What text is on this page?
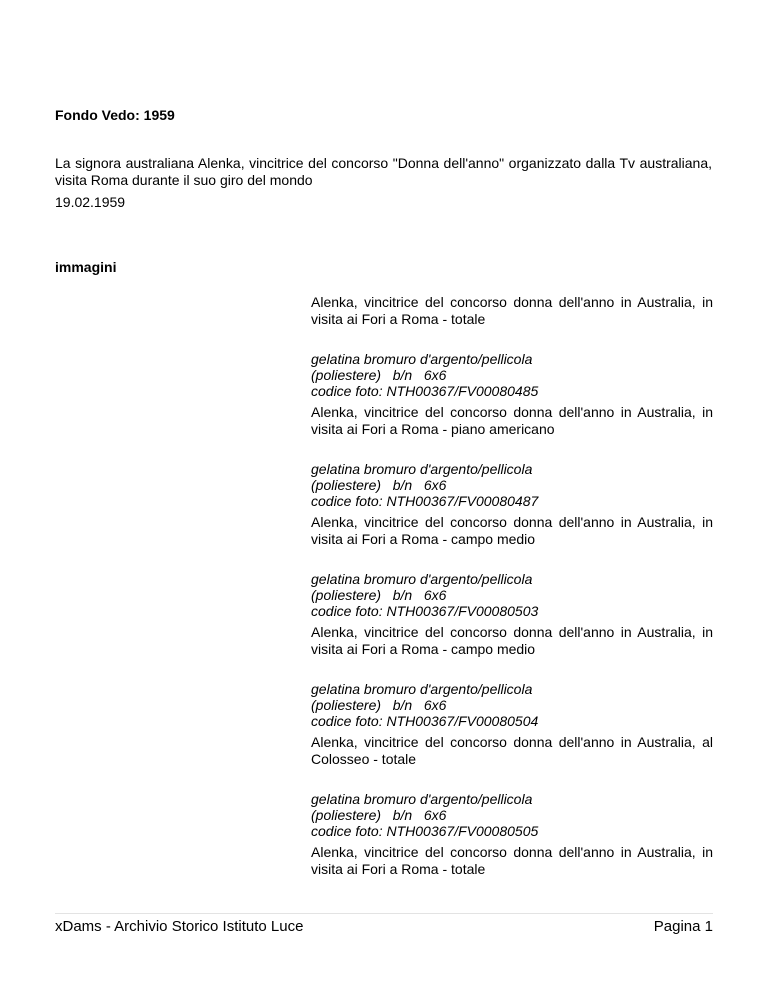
Fondo Vedo: 1959

La signora australiana Alenka, vincitrice del concorso "Donna dell'anno" organizzato dalla Tv australiana, visita Roma durante il suo giro del mondo

19.02.1959

immagini

Alenka, vincitrice del concorso donna dell'anno in Australia, in visita ai Fori a Roma - totale

gelatina bromuro d'argento/pellicola
(poliestere)   b/n   6x6
codice foto: NTH00367/FV00080485

Alenka, vincitrice del concorso donna dell'anno in Australia, in visita ai Fori a Roma - piano americano

gelatina bromuro d'argento/pellicola
(poliestere)   b/n   6x6
codice foto: NTH00367/FV00080487

Alenka, vincitrice del concorso donna dell'anno in Australia, in visita ai Fori a Roma - campo medio

gelatina bromuro d'argento/pellicola
(poliestere)   b/n   6x6
codice foto: NTH00367/FV00080503

Alenka, vincitrice del concorso donna dell'anno in Australia, in visita ai Fori a Roma - campo medio

gelatina bromuro d'argento/pellicola
(poliestere)   b/n   6x6
codice foto: NTH00367/FV00080504

Alenka, vincitrice del concorso donna dell'anno in Australia, al Colosseo - totale

gelatina bromuro d'argento/pellicola
(poliestere)   b/n   6x6
codice foto: NTH00367/FV00080505

Alenka, vincitrice del concorso donna dell'anno in Australia, in visita ai Fori a Roma - totale

xDams - Archivio Storico Istituto Luce	Pagina 1
